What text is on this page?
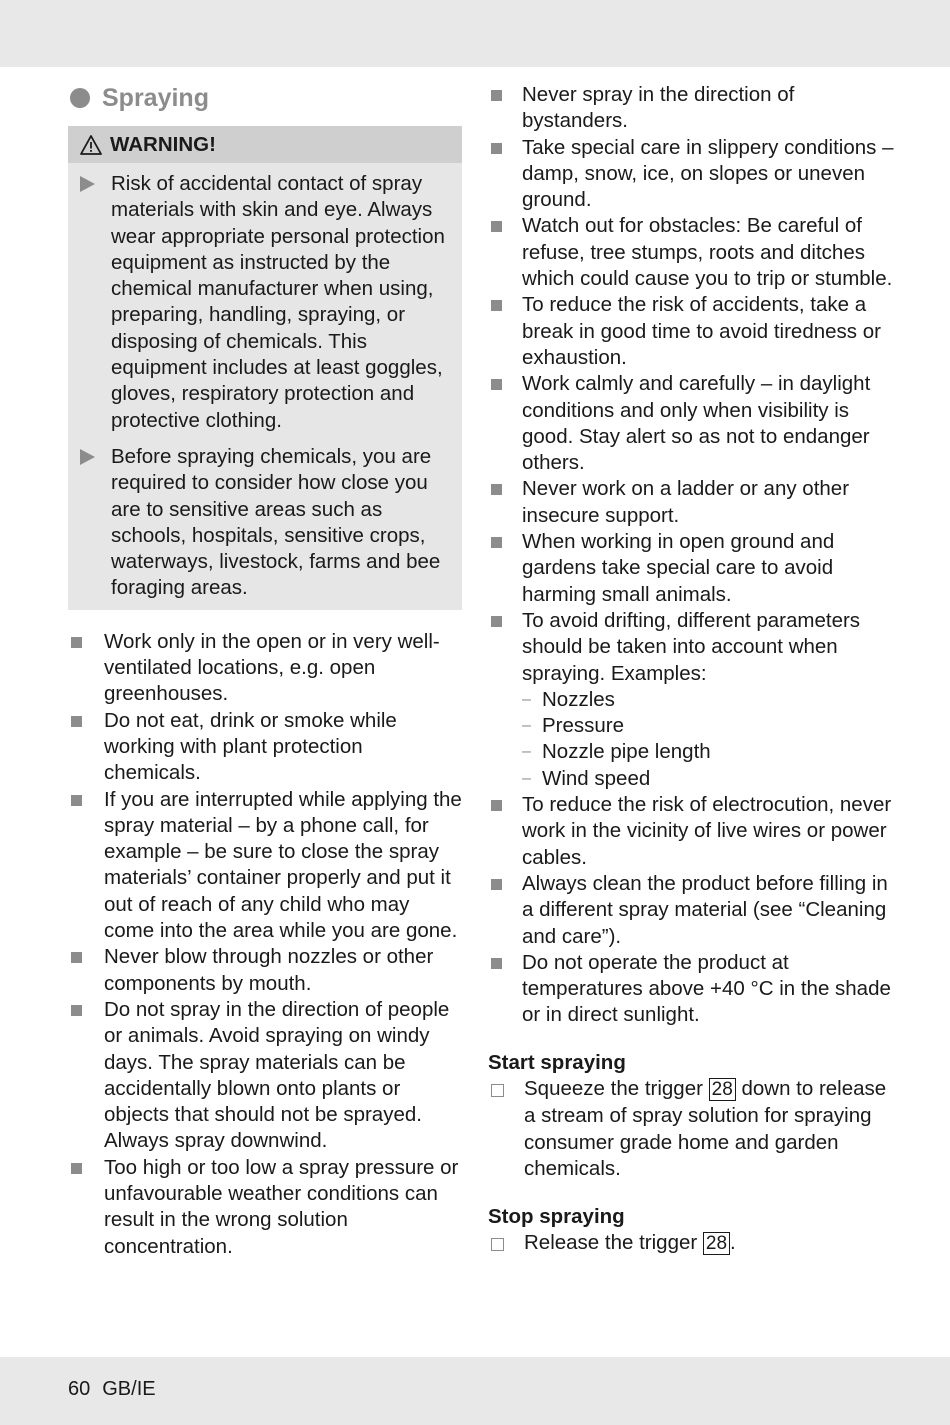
Spraying
WARNING!
Risk of accidental contact of spray materials with skin and eye. Always wear appropriate personal protection equipment as instructed by the chemical manufacturer when using, preparing, handling, spraying, or disposing of chemicals. This equipment includes at least goggles, gloves, respiratory protection and protective clothing.
Before spraying chemicals, you are required to consider how close you are to sensitive areas such as schools, hospitals, sensitive crops, waterways, livestock, farms and bee foraging areas.
Work only in the open or in very well-ventilated locations, e.g. open greenhouses.
Do not eat, drink or smoke while working with plant protection chemicals.
If you are interrupted while applying the spray material – by a phone call, for example – be sure to close the spray materials’ container properly and put it out of reach of any child who may come into the area while you are gone.
Never blow through nozzles or other components by mouth.
Do not spray in the direction of people or animals. Avoid spraying on windy days. The spray materials can be accidentally blown onto plants or objects that should not be sprayed. Always spray downwind.
Too high or too low a spray pressure or unfavourable weather conditions can result in the wrong solution concentration.
Never spray in the direction of bystanders.
Take special care in slippery conditions – damp, snow, ice, on slopes or uneven ground.
Watch out for obstacles: Be careful of refuse, tree stumps, roots and ditches which could cause you to trip or stumble.
To reduce the risk of accidents, take a break in good time to avoid tiredness or exhaustion.
Work calmly and carefully – in daylight conditions and only when visibility is good. Stay alert so as not to endanger others.
Never work on a ladder or any other insecure support.
When working in open ground and gardens take special care to avoid harming small animals.
To avoid drifting, different parameters should be taken into account when spraying. Examples:
– Nozzles
– Pressure
– Nozzle pipe length
– Wind speed
To reduce the risk of electrocution, never work in the vicinity of live wires or power cables.
Always clean the product before filling in a different spray material (see “Cleaning and care”).
Do not operate the product at temperatures above +40 °C in the shade or in direct sunlight.
Start spraying
Squeeze the trigger 28 down to release a stream of spray solution for spraying consumer grade home and garden chemicals.
Stop spraying
Release the trigger 28 .
60 GB/IE
